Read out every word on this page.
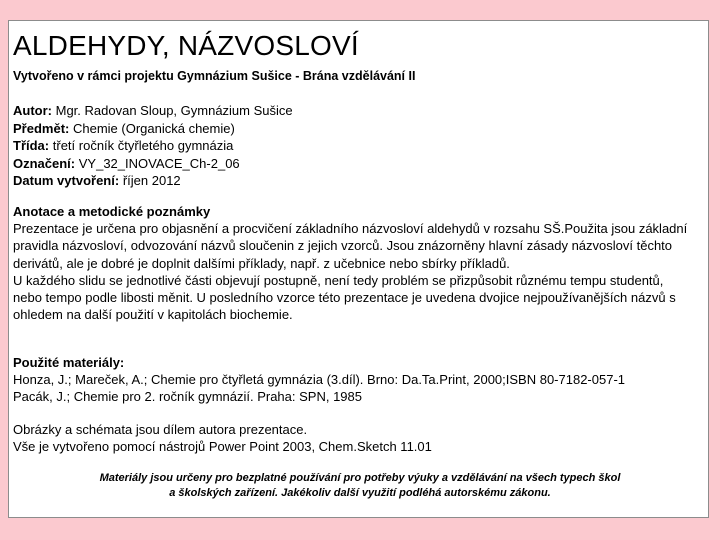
ALDEHYDY, NÁZVOSLOVÍ

Vytvořeno v rámci projektu Gymnázium Sušice - Brána vzdělávání II

Autor: Mgr. Radovan Sloup, Gymnázium Sušice
Předmět: Chemie (Organická chemie)
Třída: třetí ročník čtyřletého gymnázia
Označení: VY_32_INOVACE_Ch-2_06
Datum vytvoření: říjen 2012

Anotace a metodické poznámky

Prezentace je určena pro objasnění a procvičení základního názvosloví aldehydů v rozsahu SŠ.Použita jsou základní pravidla názvosloví, odvozování názvů sloučenin z jejich vzorců. Jsou znázorněny hlavní zásady názvosloví těchto derivátů, ale je dobré je doplnit dalšími příklady, např. z učebnice nebo sbírky příkladů.

U každého slidu se jednotlivé části objevují postupně, není tedy problém se přizpůsobit různému tempu studentů, nebo tempo podle libosti měnit. U posledního vzorce této prezentace je uvedena dvojice nejpoužívanějších názvů s ohledem na další použití v kapitolách biochemie.

Použité materiály:

Honza, J.; Mareček, A.; Chemie pro čtyřletá gymnázia (3.díl). Brno: Da.Ta.Print, 2000;ISBN 80-7182-057-1

Pacák, J.; Chemie pro 2. ročník gymnázií. Praha: SPN, 1985

Obrázky a schémata jsou dílem autora prezentace.

Vše je vytvořeno pomocí nástrojů Power Point 2003, Chem.Sketch 11.01

Materiály jsou určeny pro bezplatné používání pro potřeby výuky a vzdělávání na všech typech škol
a školských zařízení. Jakékoliv další využití podléhá autorskému zákonu.
